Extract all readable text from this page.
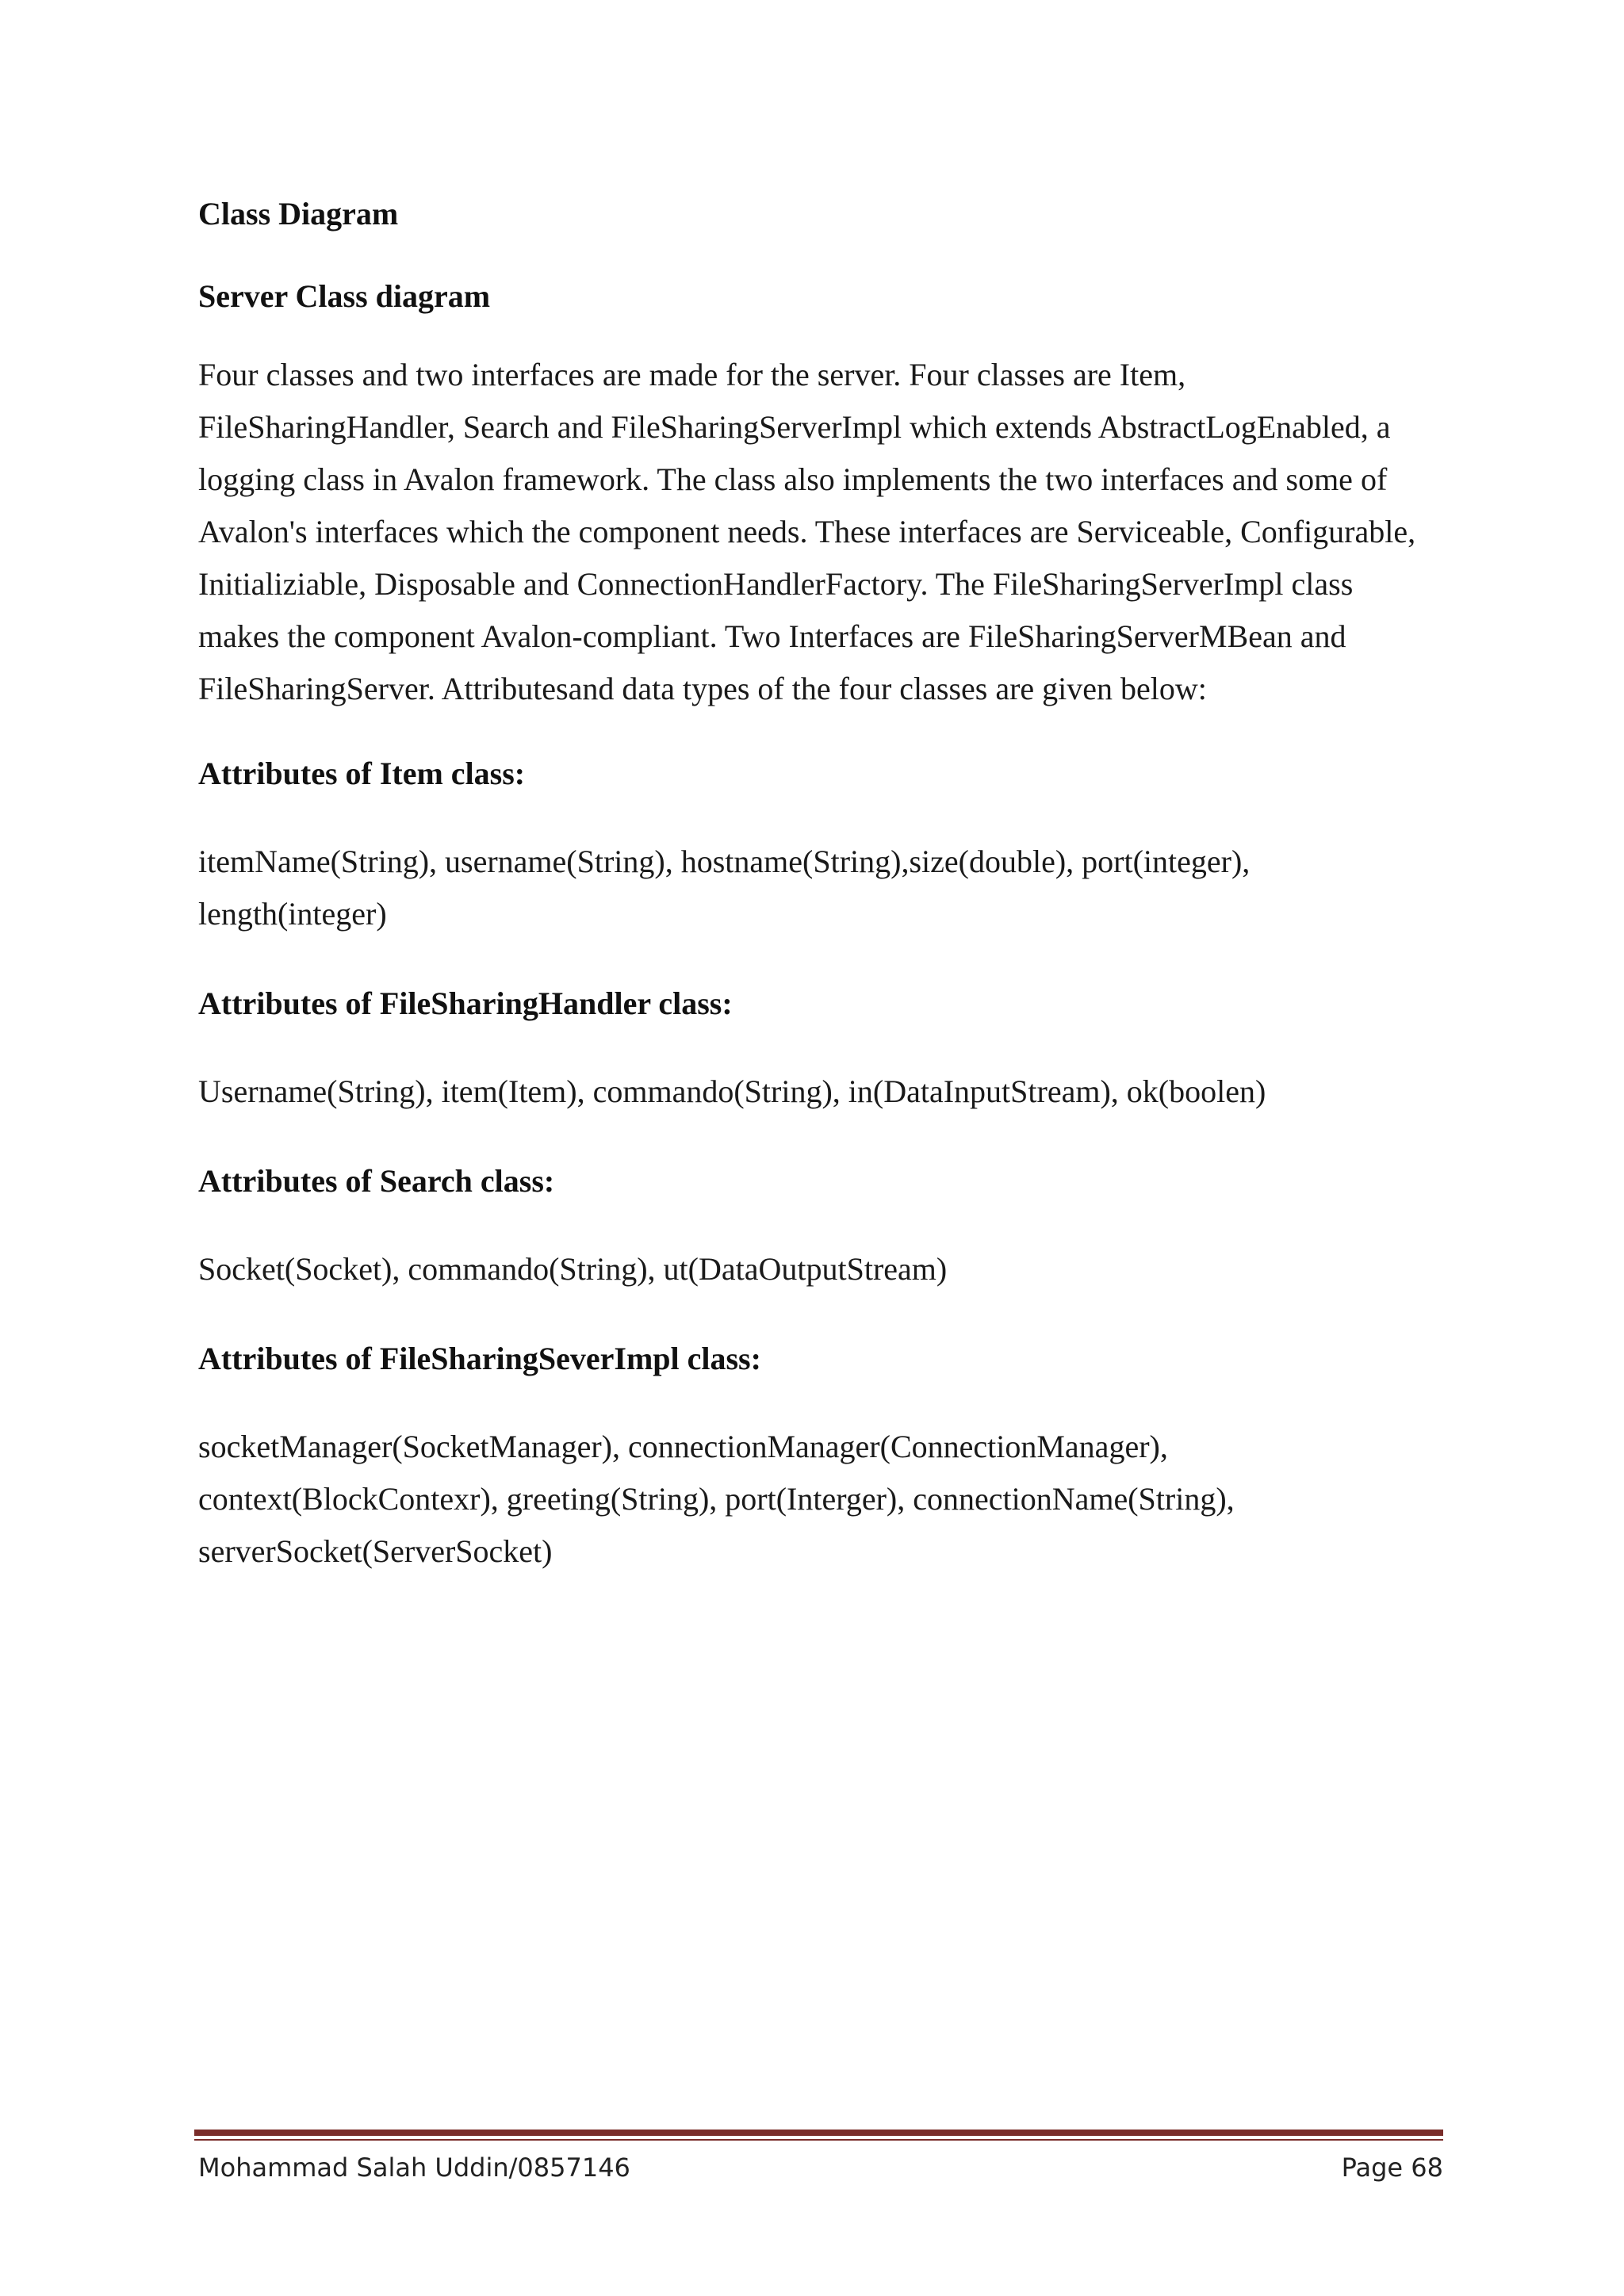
Class Diagram
Server Class diagram

Four classes and two interfaces are made for the server. Four classes are Item, FileSharingHandler, Search and FileSharingServerImpl which extends AbstractLogEnabled, a logging class in Avalon framework. The class also implements the two interfaces and some of Avalon's interfaces which the component needs. These interfaces are Serviceable, Configurable, Initializiable, Disposable and ConnectionHandlerFactory. The FileSharingServerImpl class makes the component Avalon-compliant. Two Interfaces are FileSharingServerMBean and FileSharingServer. Attributesand data types of the four classes are given below:

Attributes of Item class:

itemName(String), username(String), hostname(String),size(double), port(integer), length(integer)

Attributes of FileSharingHandler class:

Username(String), item(Item), commando(String), in(DataInputStream), ok(boolen)

Attributes of Search class:

Socket(Socket), commando(String), ut(DataOutputStream)

Attributes of FileSharingSeverImpl class:

socketManager(SocketManager), connectionManager(ConnectionManager), context(BlockContexr), greeting(String), port(Interger), connectionName(String), serverSocket(ServerSocket)

Mohammad Salah Uddin/0857146	Page 68
